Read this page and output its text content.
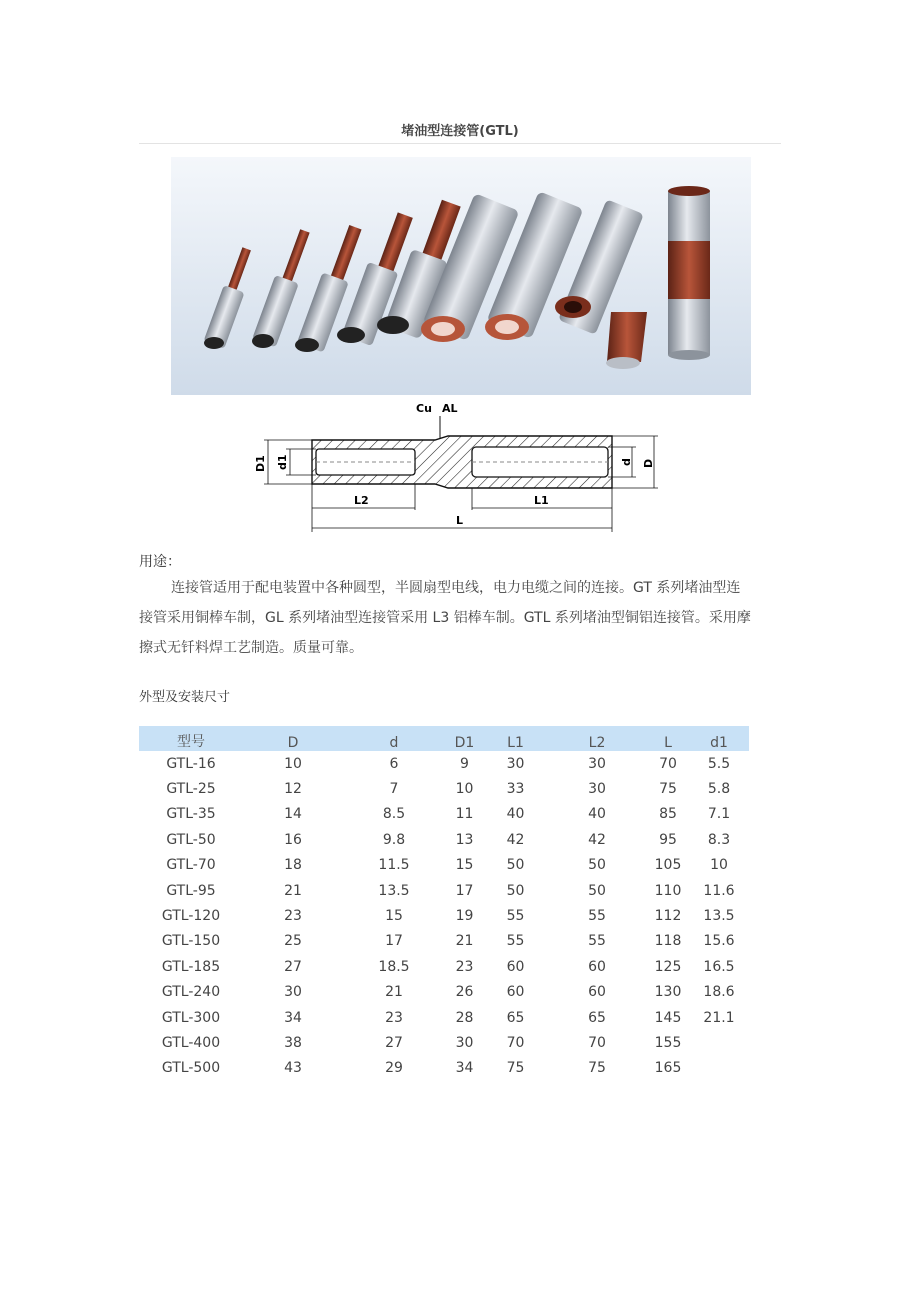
堵油型连接管(GTL)
Cu AL
D1 d1	d D
L2	L1
L
用途：

连接管适用于配电装置中各种圆型，半圆扇型电线，电力电缆之间的连接。GT 系列堵油型连接管采用铜棒车制，GL 系列堵油型连接管采用 L3 铝棒车制。GTL 系列堵油型铜铝连接管。采用摩擦式无钎料焊工艺制造。质量可靠。

外型及安装尺寸
型号	D	d	D1	L1	L2	L	d1
GTL-16	10	6	9	30	30	70	5.5
GTL-25	12	7	10	33	30	75	5.8
GTL-35	14	8.5	11	40	40	85	7.1
GTL-50	16	9.8	13	42	42	95	8.3
GTL-70	18	11.5	15	50	50	105	10
GTL-95	21	13.5	17	50	50	110	11.6
GTL-120	23	15	19	55	55	112	13.5
GTL-150	25	17	21	55	55	118	15.6
GTL-185	27	18.5	23	60	60	125	16.5
GTL-240	30	21	26	60	60	130	18.6
GTL-300	34	23	28	65	65	145	21.1
GTL-400	38	27	30	70	70	155	
GTL-500	43	29	34	75	75	165	
